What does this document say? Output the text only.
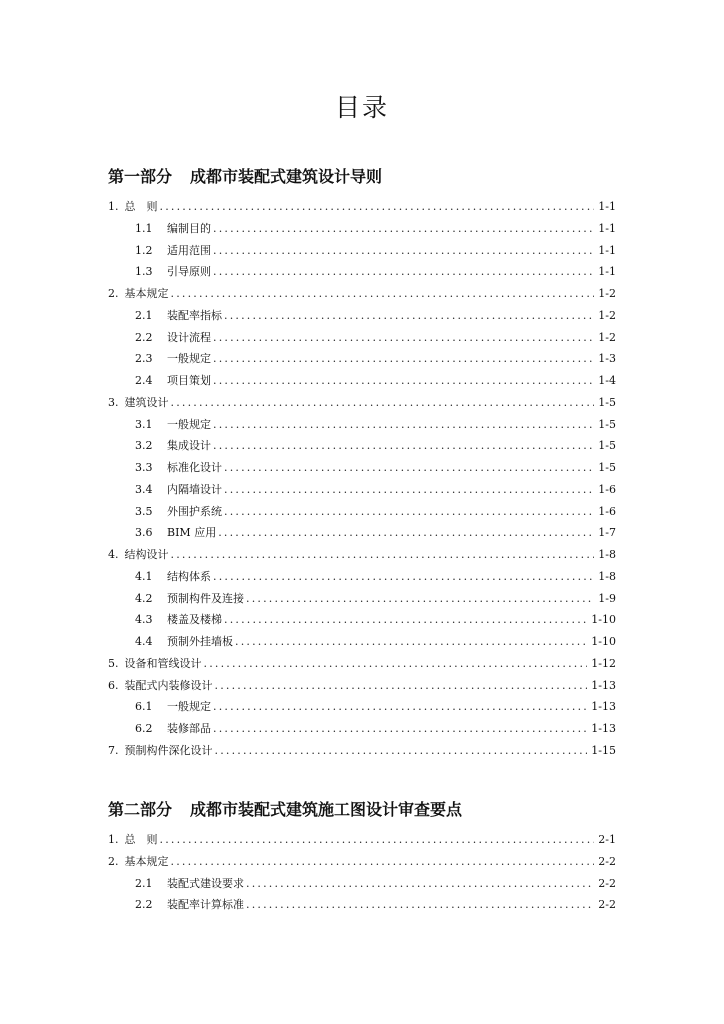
目录
第一部分 成都市装配式建筑设计导则
1. 总　则 .....	1-1
1.1	编制目的 .....	1-1
1.2	适用范围 .....	1-1
1.3	引导原则 .....	1-1
2. 基本规定 .....	1-2
2.1	装配率指标 .....	1-2
2.2	设计流程 .....	1-2
2.3	一般规定 .....	1-3
2.4	项目策划 .....	1-4
3. 建筑设计 .....	1-5
3.1	一般规定 .....	1-5
3.2	集成设计 .....	1-5
3.3	标准化设计 .....	1-5
3.4	内隔墙设计 .....	1-6
3.5	外围护系统 .....	1-6
3.6	BIM 应用 .....	1-7
4. 结构设计 .....	1-8
4.1	结构体系 .....	1-8
4.2	预制构件及连接 .....	1-9
4.3	楼盖及楼梯 .....	1-10
4.4	预制外挂墙板 .....	1-10
5. 设备和管线设计 .....	1-12
6. 装配式内装修设计 .....	1-13
6.1	一般规定 .....	1-13
6.2	装修部品 .....	1-13
7. 预制构件深化设计 .....	1-15
第二部分 成都市装配式建筑施工图设计审查要点
1. 总　则 .....	2-1
2. 基本规定 .....	2-2
2.1	装配式建设要求 .....	2-2
2.2	装配率计算标准 .....	2-2
